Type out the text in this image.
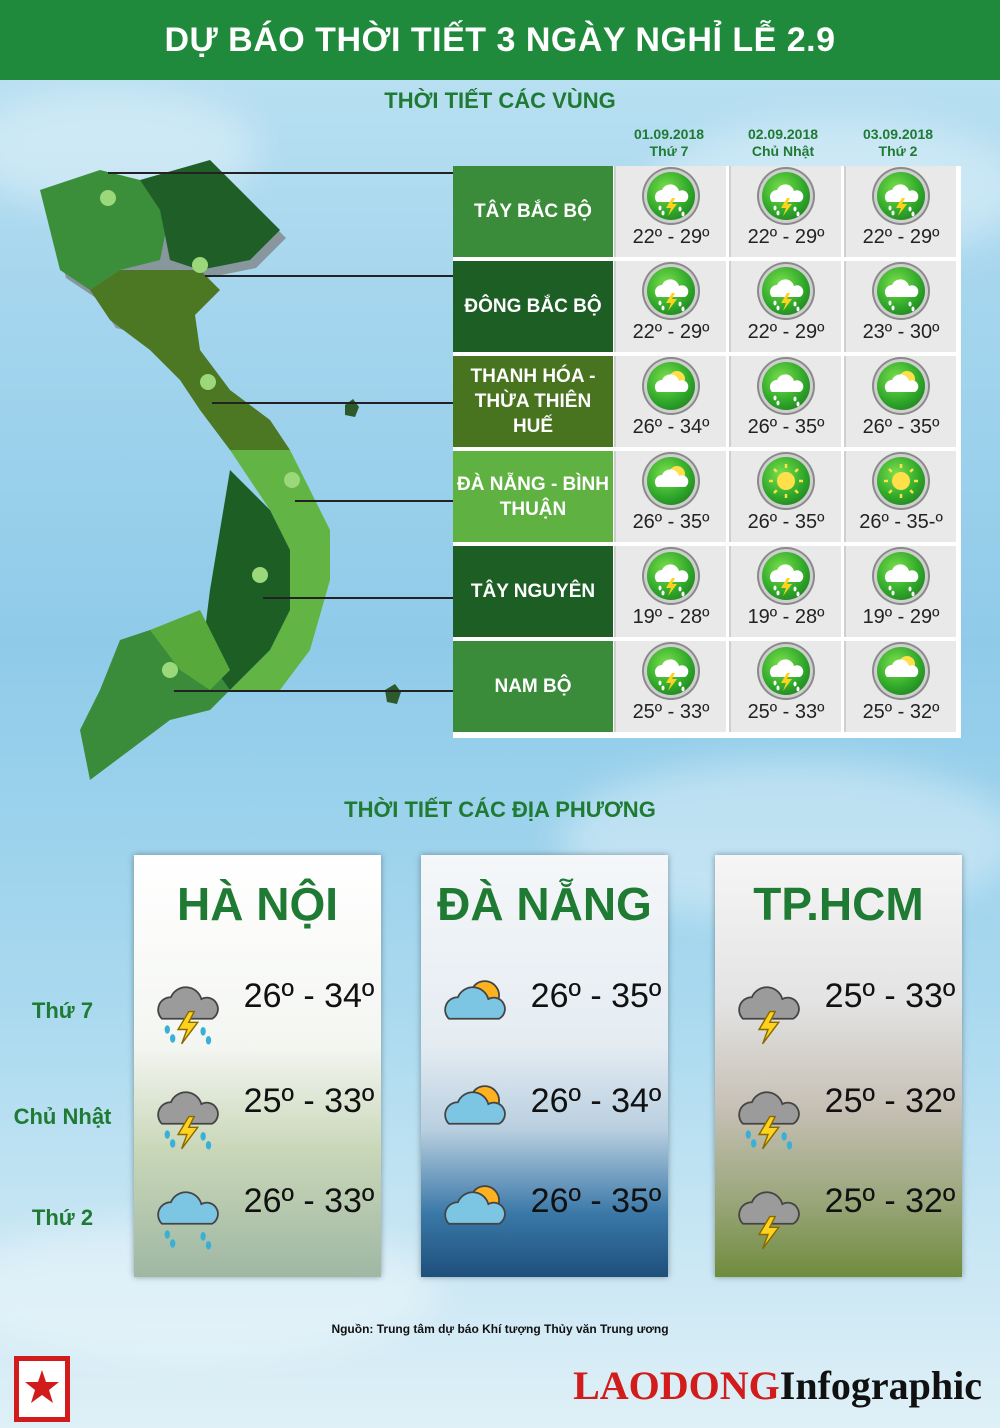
DỰ BÁO THỜI TIẾT 3 NGÀY NGHỈ LỄ 2.9
THỜI TIẾT CÁC VÙNG
01.09.2018
Thứ 7
02.09.2018
Chủ Nhật
03.09.2018
Thứ 2
TÂY BẮC BỘ
22º - 29º	22º - 29º	22º - 29º
ĐÔNG BẮC BỘ
22º - 29º	22º - 29º	23º - 30º
THANH HÓA - THỪA THIÊN HUẾ	26º - 34º	26º - 35º	26º - 35º
ĐÀ NẴNG - BÌNH THUẬN
26º - 35º	26º - 35º	26º - 35-º
TÂY NGUYÊN
19º - 28º	19º - 28º	19º - 29º
NAM BỘ
25º - 33º	25º - 33º	25º - 32º
THỜI TIẾT CÁC ĐỊA PHƯƠNG
Thứ 7
Chủ Nhật
Thứ 2
HÀ NỘI
26º - 34º
25º - 33º
26º - 33º
ĐÀ NẴNG
26º - 35º
26º - 34º
26º - 35º
TP.HCM
25º - 33º
25º - 32º
25º - 32º
Nguồn: Trung tâm dự báo Khí tượng Thủy văn Trung ương
LAODONGInfographic
